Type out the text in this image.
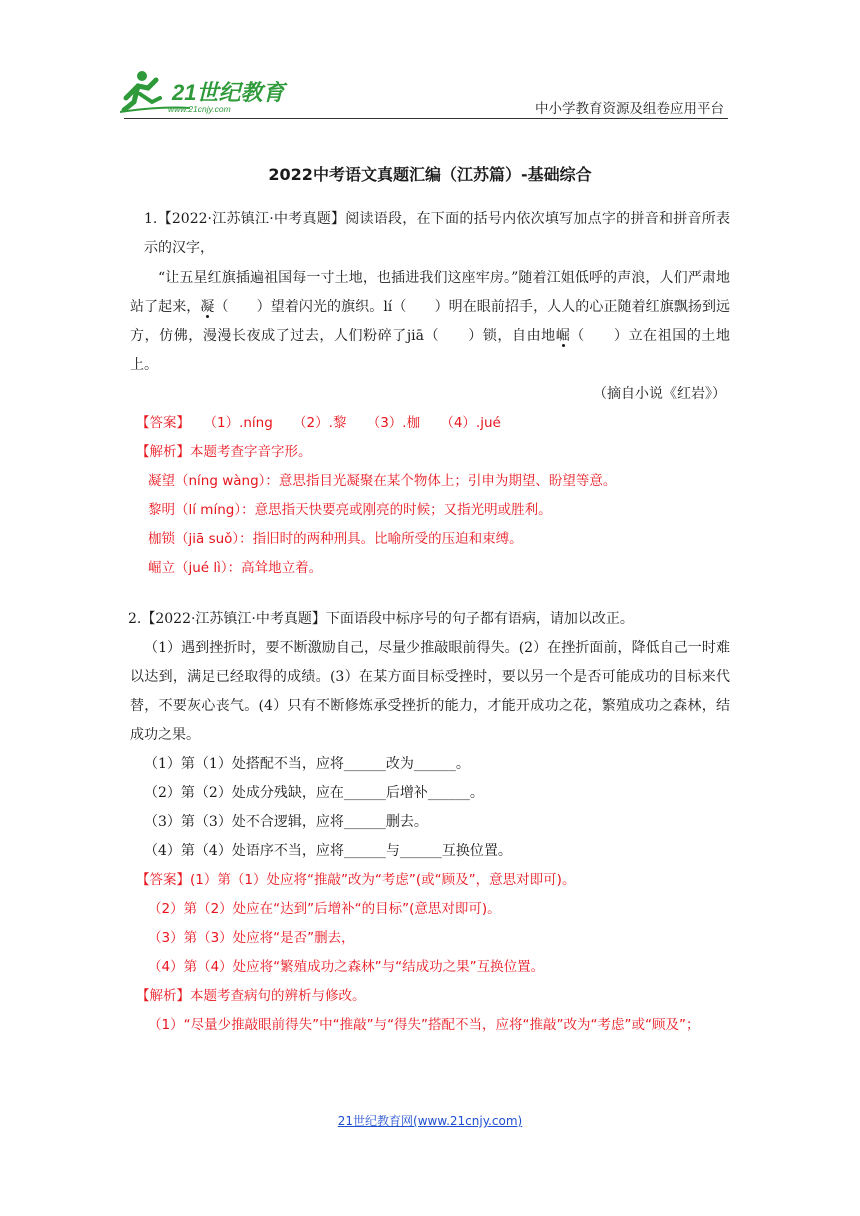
21世纪教育
www.21cnjy.com	中小学教育资源及组卷应用平台
2022中考语文真题汇编（江苏篇）-基础综合

1.【2022·江苏镇江·中考真题】阅读语段，在下面的括号内依次填写加点字的拼音和拼音所表示的汉字，

“让五星红旗插遍祖国每一寸土地，也插进我们这座牢房。”随着江姐低呼的声浪，人们严肃地站了起来，凝（　　）望着闪光的旗织。lí（　　）明在眼前招手，人人的心正随着红旗飘扬到远方，仿佛，漫漫长夜成了过去，人们粉碎了jiā（　　）锁，自由地崛（　　）立在祖国的土地上。

（摘自小说《红岩》）

【答案】　　（1）.níng　　（2）.黎　　（3）.枷　　（4）.jué

【解析】本题考查字音字形。

凝望（níng wàng）：意思指目光凝聚在某个物体上；引申为期望、盼望等意。

黎明（lí míng）：意思指天快要亮或刚亮的时候；又指光明或胜利。

枷锁（jiā suǒ）：指旧时的两种刑具。比喻所受的压迫和束缚。

崛立（jué lì）：高耸地立着。

2.【2022·江苏镇江·中考真题】下面语段中标序号的句子都有语病，请加以改正。

（1）遇到挫折时，要不断激励自己，尽量少推敲眼前得失。(2）在挫折面前，降低自己一时难以达到，满足已经取得的成绩。(3）在某方面目标受挫时，要以另一个是否可能成功的目标来代替，不要灰心丧气。(4）只有不断修炼承受挫折的能力，才能开成功之花，繁殖成功之森林，结成功之果。

（1）第（1）处搭配不当，应将______改为______。

（2）第（2）处成分残缺，应在______后增补______。

（3）第（3）处不合逻辑，应将______删去。

（4）第（4）处语序不当，应将______与______互换位置。

【答案】(1）第（1）处应将“推敲”改为“考虑”(或“顾及”，意思对即可)。

（2）第（2）处应在“达到”后增补“的目标”(意思对即可)。

（3）第（3）处应将“是否”删去，

（4）第（4）处应将“繁殖成功之森林”与“结成功之果”互换位置。

【解析】本题考查病句的辨析与修改。

（1）“尽量少推敲眼前得失”中“推敲”与“得失”搭配不当，应将“推敲”改为“考虑”或“顾及”；

21世纪教育网(www.21cnjy.com)
